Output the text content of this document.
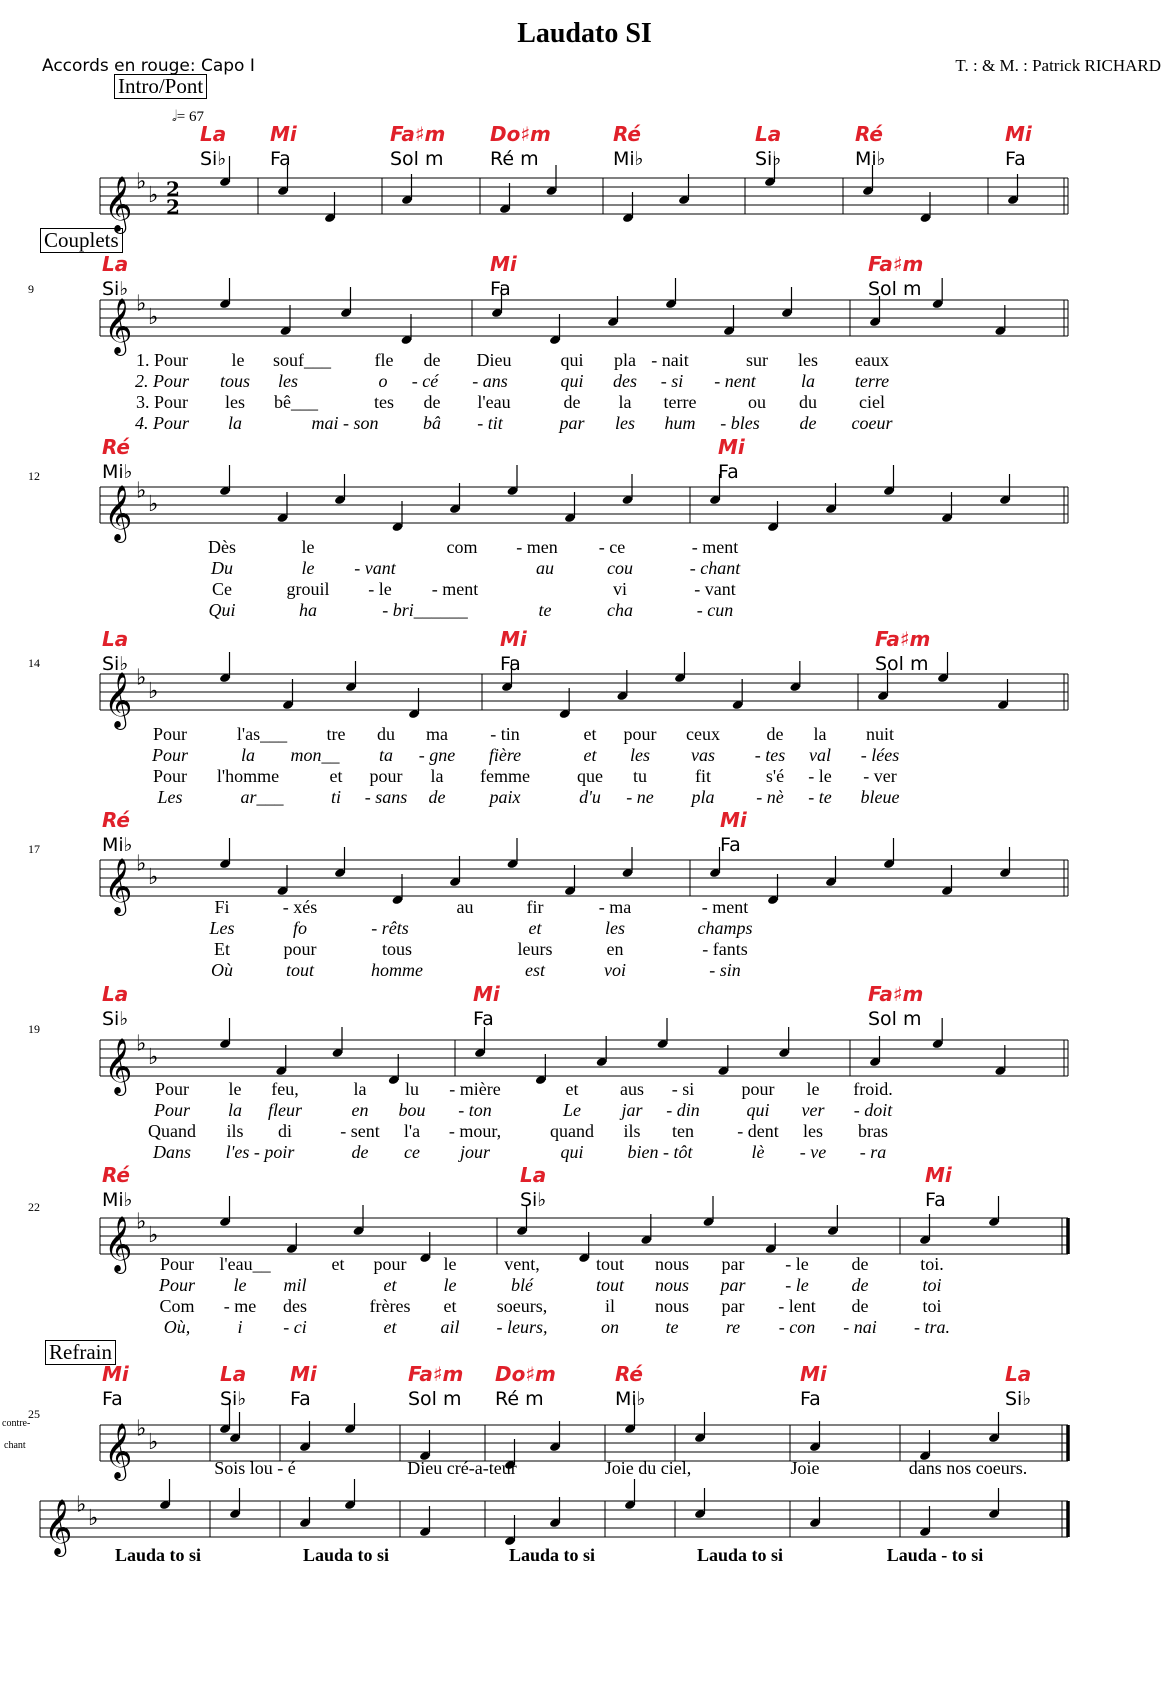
Laudato SI
Accords en rouge: Capo I	T. : & M. : Patrick RICHARD
Intro/Pont
Couplets
Refrain
𝅗𝅥= 67
contre-
chant
La Mi	Fa♯m Do♯m	Ré	La	Ré	Mi
Si♭ Fa	Sol m Ré m	Mi♭	Si♭	Mi♭	Fa
𝄞 ♭
♭ 2
2
9
La	Mi	Fa♯m
Si♭	Fa	Sol m
𝄞 ♭
♭
1. Pour le souf___ fle de Dieu	qui pla - nait	sur les eaux
2. Pour tous les	o - cé - ans	qui des - si - nent	la terre
3. Pour les bê___	tes de l'eau	de la terre	ou du ciel
4. Pour la	mai - son bâ - tit	par les hum - bles de coeur
12
Ré	Mi
Mi♭	Fa
𝄞 ♭
♭
Dès	le	com - men - ce	- ment
Du	le - vant	au	cou	- chant
Ce	grouil - le - ment	vi	- vant
Qui	ha	- bri______	te	cha	- cun
14
La	Mi	Fa♯m
Si♭	Fa	Sol m
𝄞 ♭
♭
Pour	l'as___ tre du ma - tin	et pour ceux	de la nuit
Pour	la mon__ ta - gne fière	et les vas - tes val - lées
Pour l'homme	et pour la femme	que tu	fit	s'é - le - ver
Les	ar___	ti - sans de paix	d'u - ne pla - nè - te bleue
17
Ré	Mi
Mi♭	Fa
𝄞 ♭
♭
Fi	- xés	au	fir	- ma	- ment
Les	fo	- rêts	et	les	champs
Et	pour	tous	leurs	en	- fants
Où	tout	homme	est	voi	- sin
19
La	Mi	Fa♯m
Si♭	Fa	Sol m
𝄞 ♭
♭
Pour le feu,	la lu - mière	et aus - si	pour le froid.
Pour la fleur	en bou - ton	Le jar - din	qui ver - doit
Quand ils di	- sent l'a - mour,	quand ils ten - dent les bras
Dans l'es - poir	de ce jour	qui bien - tôt	lè - ve - ra
22
Ré	La	Mi
Mi♭	Si♭	Fa
𝄞 ♭
♭
Pour l'eau__	et pour le	vent,	tout nous par - le de	toi.
Pour le mil	et	le	blé	tout nous par - le de	toi
Com - me des	frères et soeurs,	il nous par - lent de	toi
Où,	i - ci	et ail - leurs,	on	te	re - con - nai - tra.
25
Mi	La Mi	Fa♯m Do♯m	Ré	Mi	La
Fa	Si♭ Fa	Sol m Ré m	Mi♭	Fa	Si♭
𝄞 ♭
♭
Sois lou - é	Dieu cré-a-teur	Joie du ciel,	Joie	dans nos coeurs.
𝄞 ♭
♭
Lauda to si	Lauda to si	Lauda to si	Lauda to si	Lauda - to si
